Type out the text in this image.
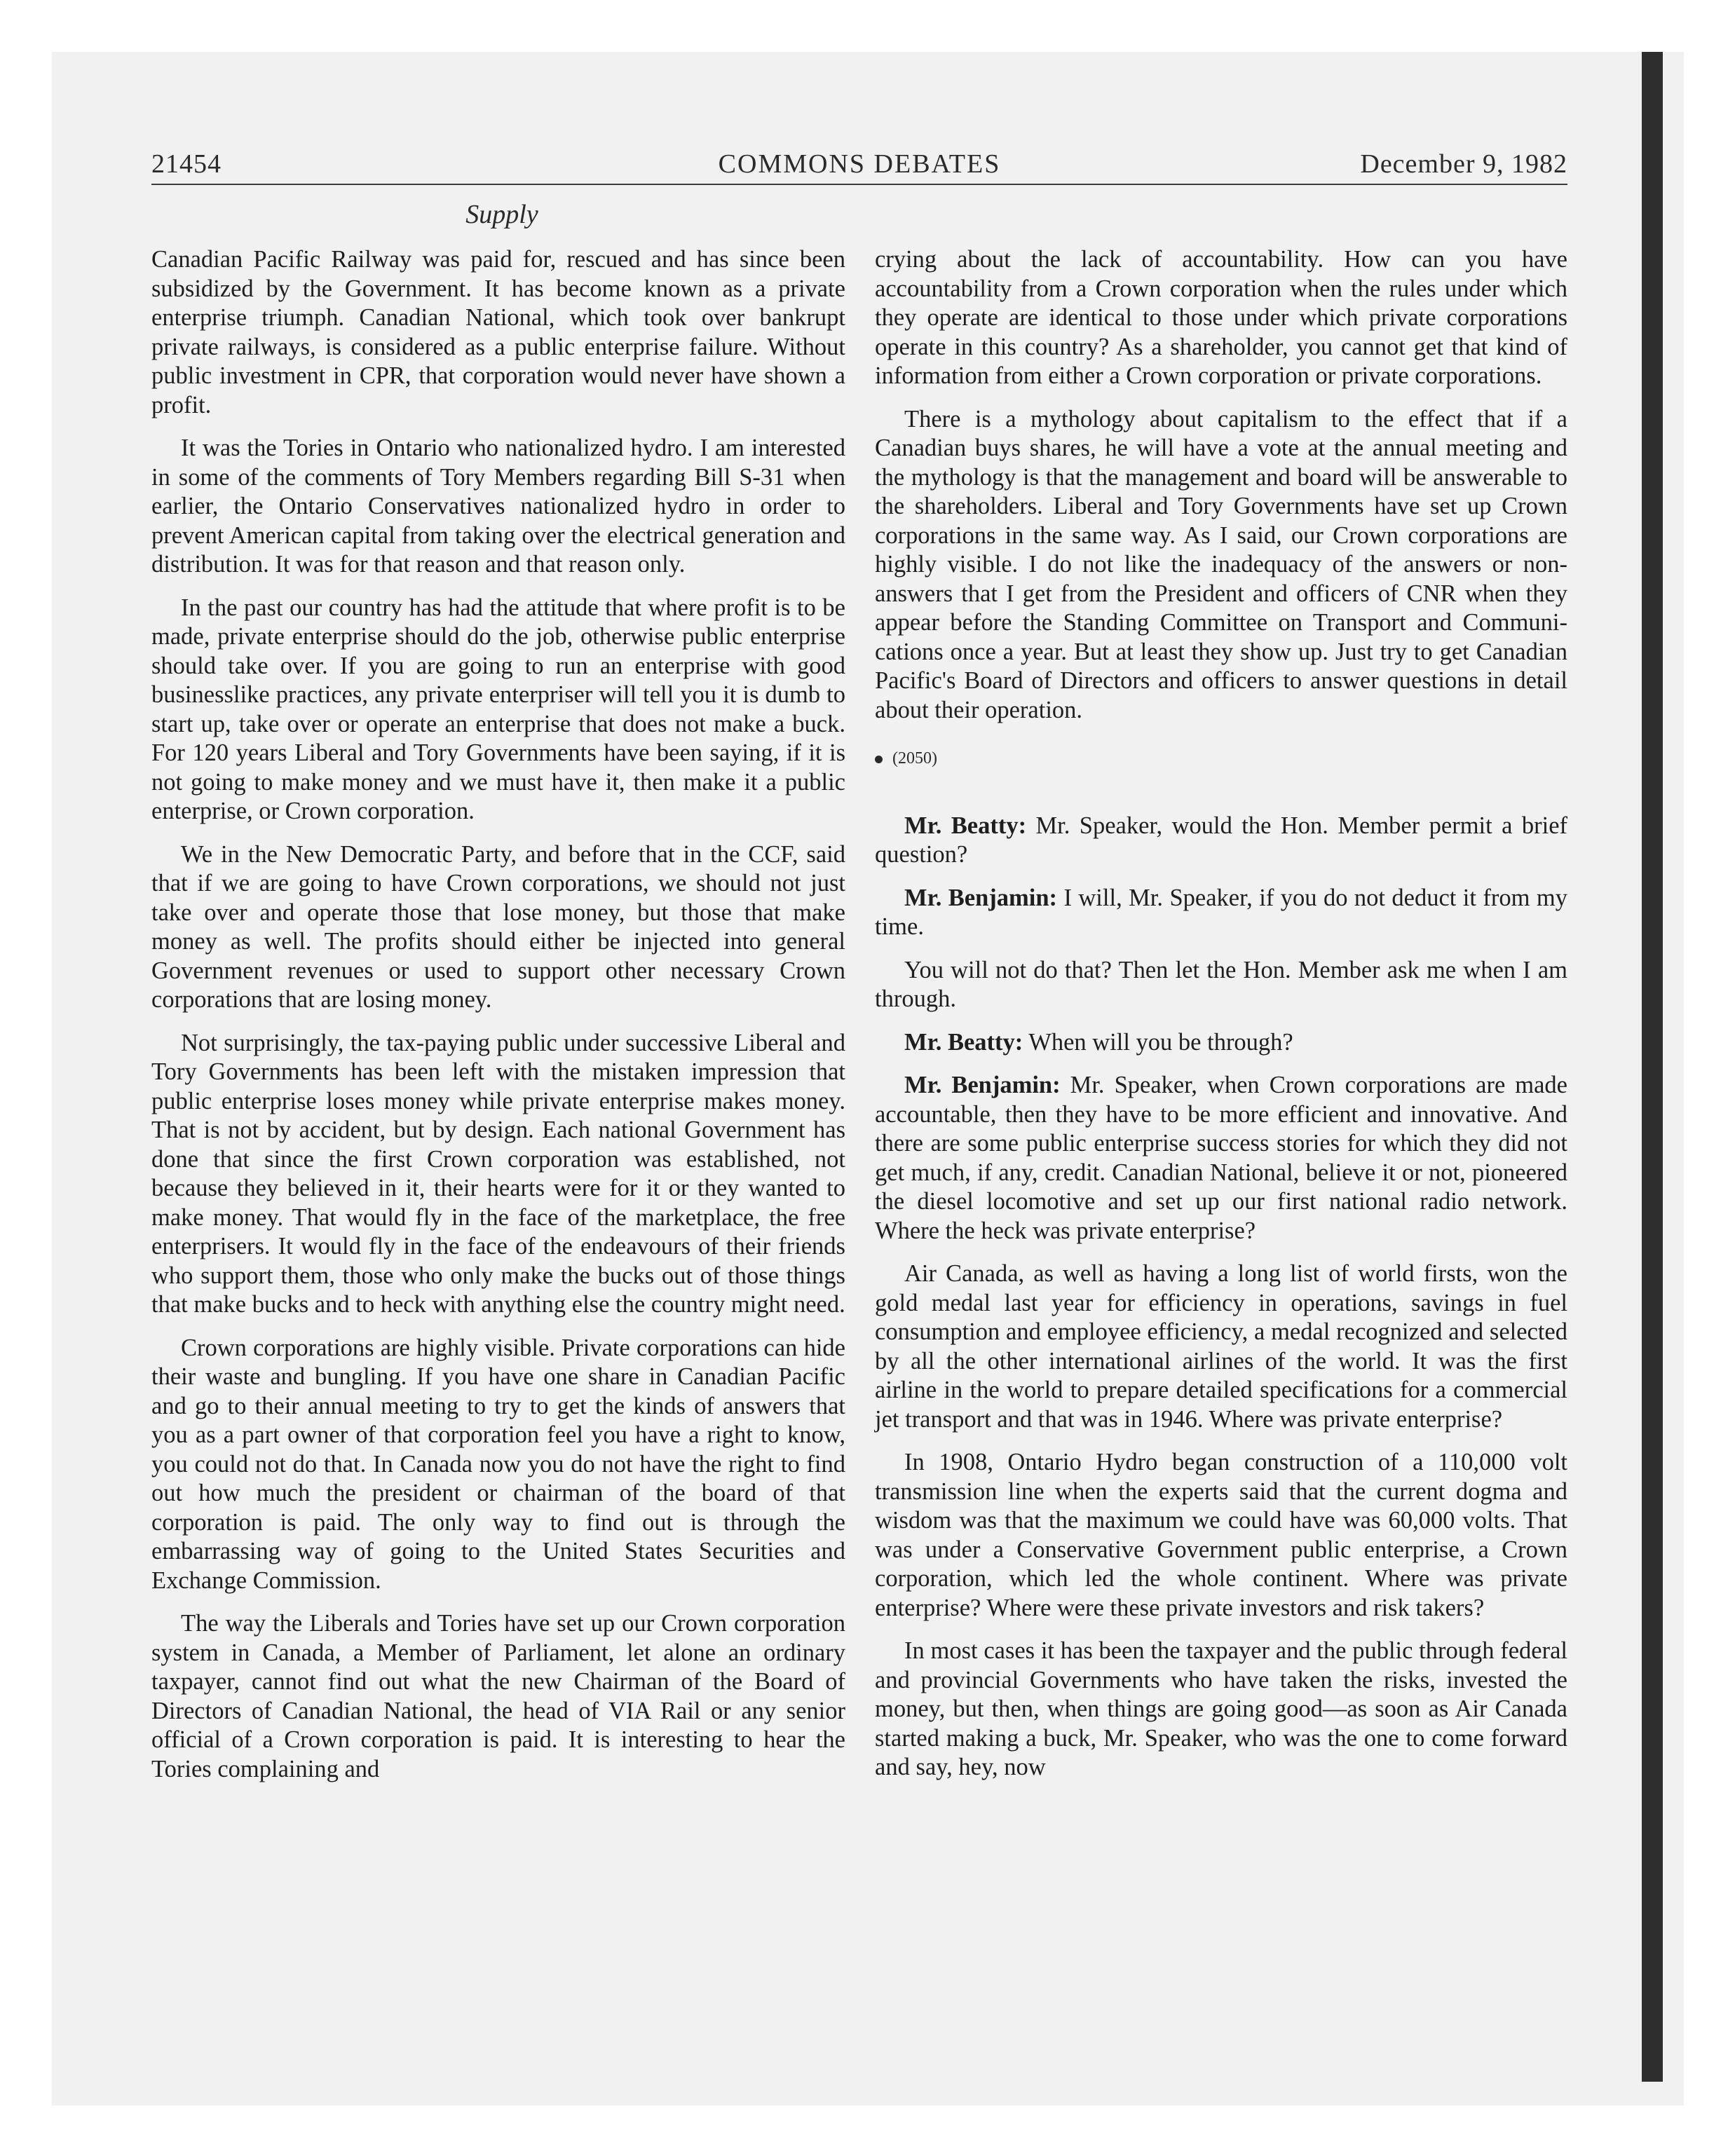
21454	COMMONS DEBATES	December 9, 1982
Supply

Canadian Pacific Railway was paid for, rescued and has since been subsidized by the Government. It has become known as a private enterprise triumph. Canadian National, which took over bankrupt private railways, is considered as a public enterprise failure. Without public investment in CPR, that corporation would never have shown a profit.

It was the Tories in Ontario who nationalized hydro. I am interested in some of the comments of Tory Members regarding Bill S-31 when earlier, the Ontario Conservatives nationalized hydro in order to prevent American capital from taking over the electrical generation and distribution. It was for that reason and that reason only.

In the past our country has had the attitude that where profit is to be made, private enterprise should do the job, otherwise public enterprise should take over. If you are going to run an enterprise with good businesslike practices, any private enterpriser will tell you it is dumb to start up, take over or operate an enterprise that does not make a buck. For 120 years Liberal and Tory Governments have been saying, if it is not going to make money and we must have it, then make it a public enterprise, or Crown corporation.

We in the New Democratic Party, and before that in the CCF, said that if we are going to have Crown corporations, we should not just take over and operate those that lose money, but those that make money as well. The profits should either be injected into general Government revenues or used to support other necessary Crown corporations that are losing money.

Not surprisingly, the tax-paying public under successive Liberal and Tory Governments has been left with the mistaken impression that public enterprise loses money while private enterprise makes money. That is not by accident, but by design. Each national Government has done that since the first Crown corporation was established, not because they believed in it, their hearts were for it or they wanted to make money. That would fly in the face of the marketplace, the free enterprisers. It would fly in the face of the endeavours of their friends who support them, those who only make the bucks out of those things that make bucks and to heck with anything else the country might need.

Crown corporations are highly visible. Private corporations can hide their waste and bungling. If you have one share in Canadian Pacific and go to their annual meeting to try to get the kinds of answers that you as a part owner of that corporation feel you have a right to know, you could not do that. In Canada now you do not have the right to find out how much the president or chairman of the board of that corporation is paid. The only way to find out is through the embarrassing way of going to the United States Securities and Exchange Commission.

The way the Liberals and Tories have set up our Crown corporation system in Canada, a Member of Parliament, let alone an ordinary taxpayer, cannot find out what the new Chairman of the Board of Directors of Canadian National, the head of VIA Rail or any senior official of a Crown corporation is paid. It is interesting to hear the Tories complaining and

crying about the lack of accountability. How can you have accountability from a Crown corporation when the rules under which they operate are identical to those under which private corporations operate in this country? As a shareholder, you cannot get that kind of information from either a Crown corporation or private corporations.

There is a mythology about capitalism to the effect that if a Canadian buys shares, he will have a vote at the annual meeting and the mythology is that the management and board will be answerable to the shareholders. Liberal and Tory Governments have set up Crown corporations in the same way. As I said, our Crown corporations are highly visible. I do not like the inadequacy of the answers or non-answers that I get from the President and officers of CNR when they appear before the Standing Committee on Transport and Communications once a year. But at least they show up. Just try to get Canadian Pacific's Board of Directors and officers to answer questions in detail about their operation.

(2050)

Mr. Beatty: Mr. Speaker, would the Hon. Member permit a brief question?

Mr. Benjamin: I will, Mr. Speaker, if you do not deduct it from my time.

You will not do that? Then let the Hon. Member ask me when I am through.

Mr. Beatty: When will you be through?

Mr. Benjamin: Mr. Speaker, when Crown corporations are made accountable, then they have to be more efficient and innovative. And there are some public enterprise success stories for which they did not get much, if any, credit. Canadian National, believe it or not, pioneered the diesel locomotive and set up our first national radio network. Where the heck was private enterprise?

Air Canada, as well as having a long list of world firsts, won the gold medal last year for efficiency in operations, savings in fuel consumption and employee efficiency, a medal recognized and selected by all the other international airlines of the world. It was the first airline in the world to prepare detailed specifications for a commercial jet transport and that was in 1946. Where was private enterprise?

In 1908, Ontario Hydro began construction of a 110,000 volt transmission line when the experts said that the current dogma and wisdom was that the maximum we could have was 60,000 volts. That was under a Conservative Government public enterprise, a Crown corporation, which led the whole continent. Where was private enterprise? Where were these private investors and risk takers?

In most cases it has been the taxpayer and the public through federal and provincial Governments who have taken the risks, invested the money, but then, when things are going good—as soon as Air Canada started making a buck, Mr. Speaker, who was the one to come forward and say, hey, now
